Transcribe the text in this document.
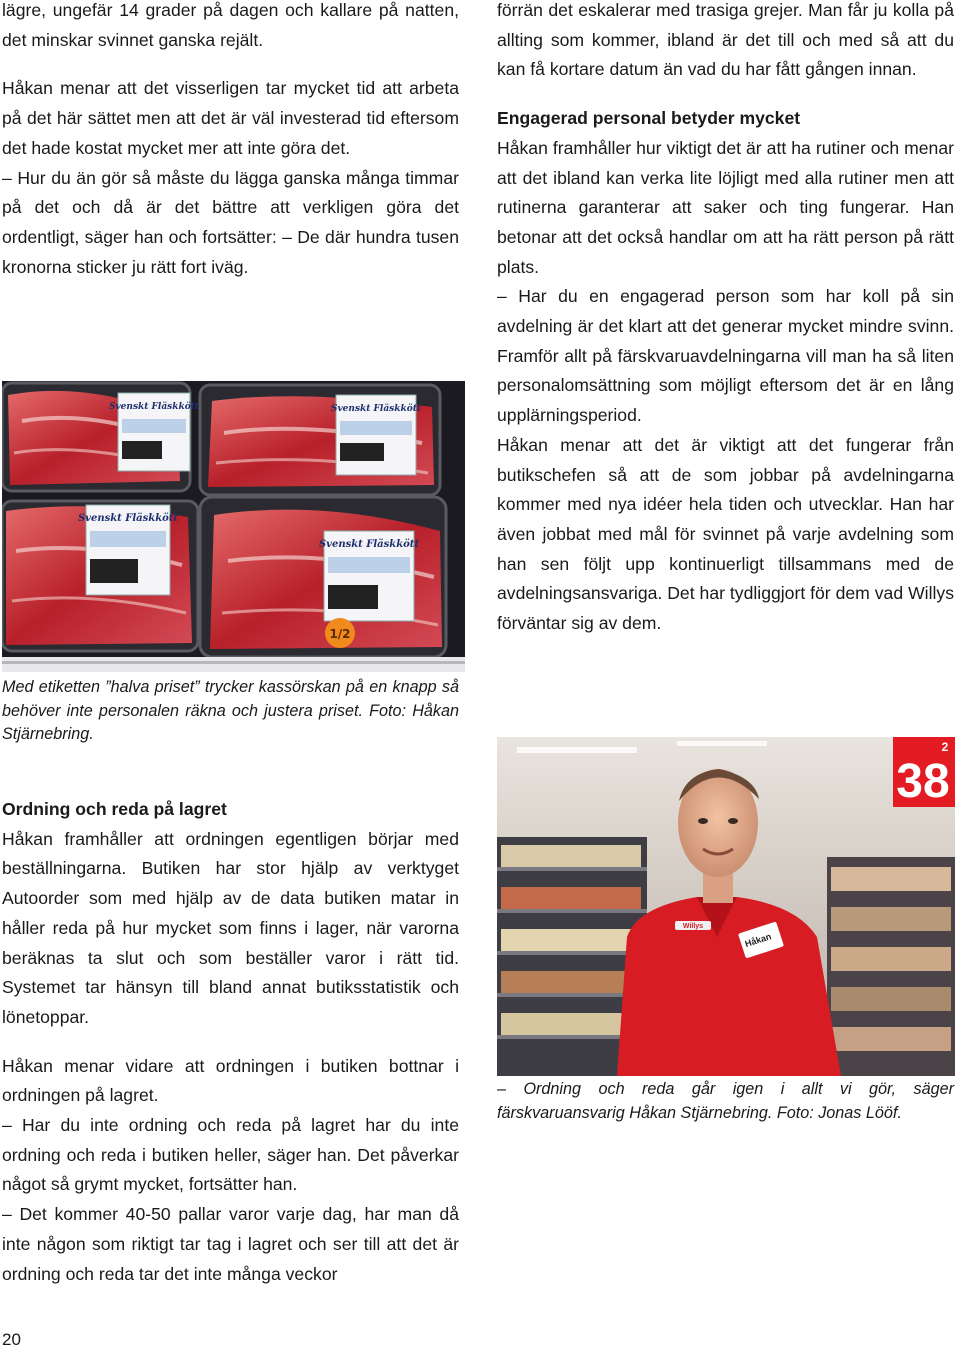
lägre, ungefär 14 grader på dagen och kallare på natten, det minskar svinnet ganska rejält.

Håkan menar att det visserligen tar mycket tid att arbeta på det här sättet men att det är väl investerad tid eftersom det hade kostat mycket mer att inte göra det.

– Hur du än gör så måste du lägga ganska många timmar på det och då är det bättre att verkligen göra det ordentligt, säger han och fortsätter: – De där hundra tusen kronorna sticker ju rätt fort iväg.

Svenskt Fläskkött	Svenskt Fläskkött
Svenskt Fläskkött
Svenskt Fläskkött
1/2

Med etiketten ”halva priset” trycker kassörskan på en knapp så behöver inte personalen räkna och justera priset. Foto: Håkan Stjärnebring.

Ordning och reda på lagret

Håkan framhåller att ordningen egentligen börjar med beställningarna. Butiken har stor hjälp av verktyget Autoorder som med hjälp av de data butiken matar in håller reda på hur mycket som finns i lager, när varorna beräknas ta slut och som beställer varor i rätt tid. Systemet tar hänsyn till bland annat butiksstatistik och lönetoppar.

Håkan menar vidare att ordningen i butiken bottnar i ordningen på lagret.

– Har du inte ordning och reda på lagret har du inte ordning och reda i butiken heller, säger han. Det påverkar något så grymt mycket, fortsätter han.

– Det kommer 40-50 pallar varor varje dag, har man då inte någon som riktigt tar tag i lagret och ser till att det är ordning och reda tar det inte många veckor

förrän det eskalerar med trasiga grejer. Man får ju kolla på allting som kommer, ibland är det till och med så att du kan få kortare datum än vad du har fått gången innan.

Engagerad personal betyder mycket

Håkan framhåller hur viktigt det är att ha rutiner och menar att det ibland kan verka lite löjligt med alla rutiner men att rutinerna garanterar att saker och ting fungerar. Han betonar att det också handlar om att ha rätt person på rätt plats.

– Har du en engagerad person som har koll på sin avdelning är det klart att det generar mycket mindre svinn. Framför allt på färskvaruavdelningarna vill man ha så liten personalomsättning som möjligt eftersom det är en lång upplärningsperiod.

Håkan menar att det är viktigt att det fungerar från butikschefen så att de som jobbar på avdelningarna kommer med nya idéer hela tiden och utvecklar. Han har även jobbat med mål för svinnet på varje avdelning som han sen följt upp kontinuerligt tillsammans med de avdelningsansvariga. Det har tydliggjort för dem vad Willys förväntar sig av dem.

38
2
Willys
Håkan

– Ordning och reda går igen i allt vi gör, säger färskvaruansvarig Håkan Stjärnebring. Foto: Jonas Lööf.

20
